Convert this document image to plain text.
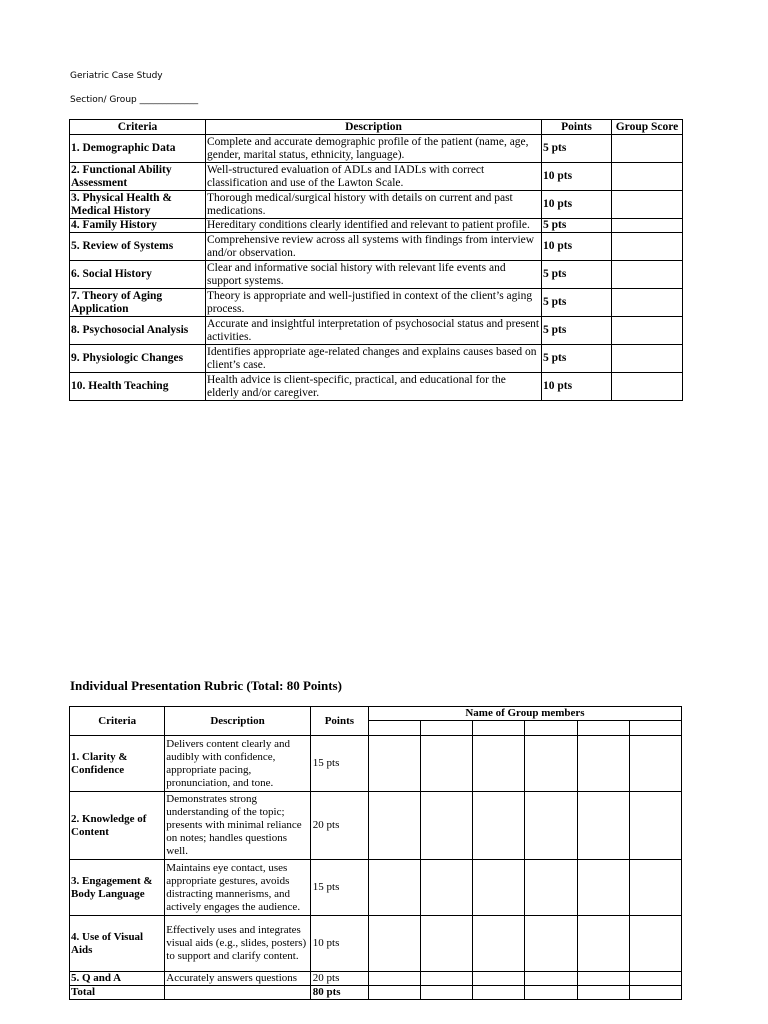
Geriatric Case Study
Section/ Group _____________
Criteria	Description	Points	Group Score
1. Demographic Data	Complete and accurate demographic profile of the patient (name, age, gender, marital status, ethnicity, language).	5 pts	
2. Functional Ability Assessment	Well-structured evaluation of ADLs and IADLs with correct classification and use of the Lawton Scale.	10 pts	
3. Physical Health & Medical History	Thorough medical/surgical history with details on current and past medications.	10 pts	
4. Family History	Hereditary conditions clearly identified and relevant to patient profile.	5 pts	
5. Review of Systems	Comprehensive review across all systems with findings from interview and/or observation.	10 pts	
6. Social History	Clear and informative social history with relevant life events and support systems.	5 pts	
7. Theory of Aging Application	Theory is appropriate and well-justified in context of the client’s aging process.	5 pts	
8. Psychosocial Analysis	Accurate and insightful interpretation of psychosocial status and present activities.	5 pts	
9. Physiologic Changes	Identifies appropriate age-related changes and explains causes based on client’s case.	5 pts	
10. Health Teaching	Health advice is client-specific, practical, and educational for the elderly and/or caregiver.	10 pts	
Individual Presentation Rubric (Total: 80 Points)
Criteria	Description	Points	Name of Group members					

1. Clarity & Confidence	Delivers content clearly and audibly with confidence, appropriate pacing, pronunciation, and tone.	15 pts						
2. Knowledge of Content	Demonstrates strong understanding of the topic; presents with minimal reliance on notes; handles questions well.	20 pts						
3. Engagement & Body Language	Maintains eye contact, uses appropriate gestures, avoids distracting mannerisms, and actively engages the audience.	15 pts						
4. Use of Visual Aids	Effectively uses and integrates visual aids (e.g., slides, posters) to support and clarify content.	10 pts						
5. Q and A	Accurately answers questions	20 pts						
Total		80 pts						
